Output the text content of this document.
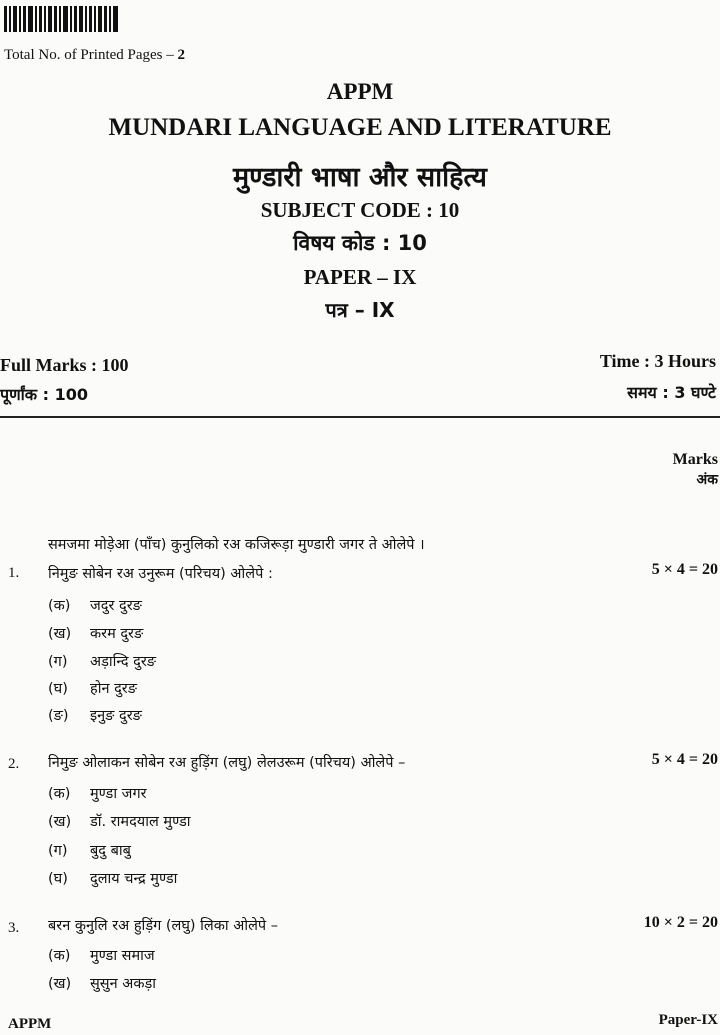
Total No. of Printed Pages – 2
APPM
MUNDARI LANGUAGE AND LITERATURE
मुण्डारी भाषा और साहित्य
SUBJECT CODE : 10
विषय कोड : 10
PAPER – IX
पत्र – IX
Full Marks : 100
पूर्णांक : 100
Time : 3 Hours
समय : 3 घण्टे
Marks
अंक
समजमा मोड़ेआ (पाँच) कुनुलिको रअ कजिरूड़ा मुण्डारी जगर ते ओलेपे ।
1. निमुङ सोबेन रअ उनुरूम (परिचय) ओलेपे :	5 × 4 = 20
(क) जदुर दुरङ
(ख) करम दुरङ
(ग) अड़ान्दि दुरङ
(घ) होन दुरङ
(ङ) इनुङ दुरङ
2. निमुङ ओलाकन सोबेन रअ हुड़िंग (लघु) लेलउरूम (परिचय) ओलेपे –	5 × 4 = 20
(क) मुण्डा जगर
(ख) डॉ. रामदयाल मुण्डा
(ग) बुदु बाबु
(घ) दुलाय चन्द्र मुण्डा
3. बरन कुनुलि रअ हुड़िंग (लघु) लिका ओलेपे –	10 × 2 = 20
(क) मुण्डा समाज
(ख) सुसुन अकड़ा
APPM	Paper-IX
